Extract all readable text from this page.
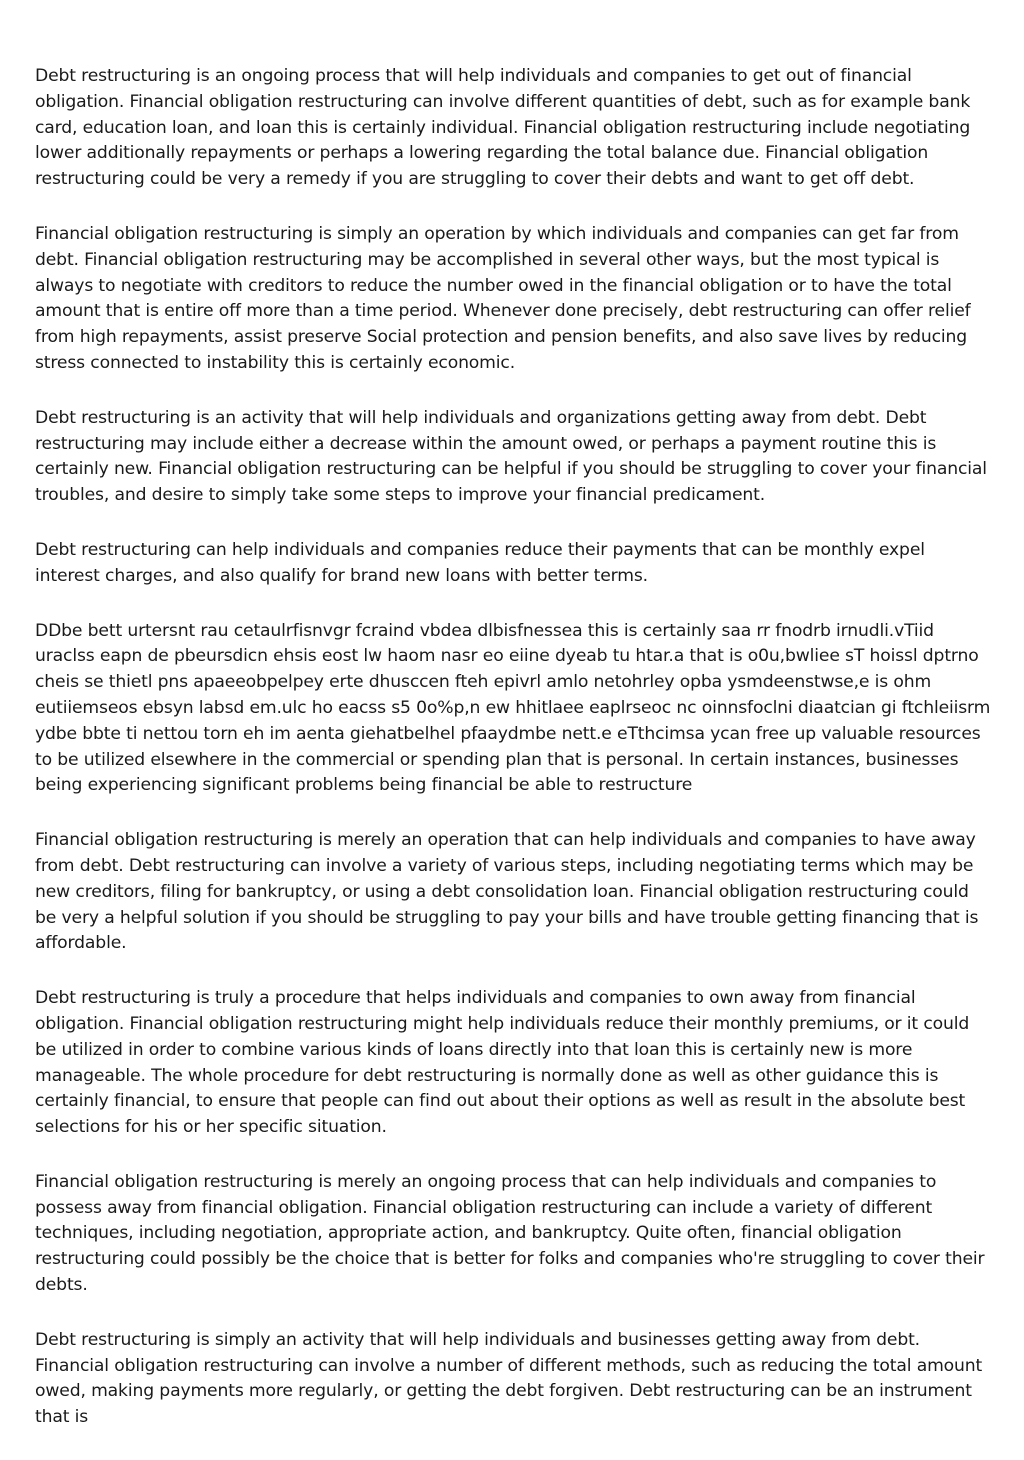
Debt restructuring is an ongoing process that will help individuals and companies to get out of financial obligation. Financial obligation restructuring can involve different quantities of debt, such as for example bank card, education loan, and loan this is certainly individual. Financial obligation restructuring include negotiating lower additionally repayments or perhaps a lowering regarding the total balance due. Financial obligation restructuring could be very a remedy if you are struggling to cover their debts and want to get off debt.

Financial obligation restructuring is simply an operation by which individuals and companies can get far from debt. Financial obligation restructuring may be accomplished in several other ways, but the most typical is always to negotiate with creditors to reduce the number owed in the financial obligation or to have the total amount that is entire off more than a time period. Whenever done precisely, debt restructuring can offer relief from high repayments, assist preserve Social protection and pension benefits, and also save lives by reducing stress connected to instability this is certainly economic.

Debt restructuring is an activity that will help individuals and organizations getting away from debt. Debt restructuring may include either a decrease within the amount owed, or perhaps a payment routine this is certainly new. Financial obligation restructuring can be helpful if you should be struggling to cover your financial troubles, and desire to simply take some steps to improve your financial predicament.

Debt restructuring can help individuals and companies reduce their payments that can be monthly expel interest charges, and also qualify for brand new loans with better terms.

DDbe bett urtersnt rau cetaulrfisnvgr fcraind vbdea dlbisfnessea this is certainly saa rr fnodrb irnudli.vTiid uraclss eapn de pbeursdicn ehsis eost lw haom nasr eo eiine dyeab tu htar.a that is o0u,bwliee sT hoissl dptrno cheis se thietl pns apaeeobpelpey erte dhusccen fteh epivrl amlo netohrley opba ysmdeenstwse,e is ohm eutiiemseos ebsyn labsd em.ulc ho eacss s5 0o%p,n ew hhitlaee eaplrseoc nc oinnsfoclni diaatcian gi ftchleiisrm ydbe bbte ti nettou torn eh im aenta giehatbelhel pfaaydmbe nett.e eTthcimsa ycan free up valuable resources to be utilized elsewhere in the commercial or spending plan that is personal. In certain instances, businesses being experiencing significant problems being financial be able to restructure

Financial obligation restructuring is merely an operation that can help individuals and companies to have away from debt. Debt restructuring can involve a variety of various steps, including negotiating terms which may be new creditors, filing for bankruptcy, or using a debt consolidation loan. Financial obligation restructuring could be very a helpful solution if you should be struggling to pay your bills and have trouble getting financing that is affordable.

Debt restructuring is truly a procedure that helps individuals and companies to own away from financial obligation. Financial obligation restructuring might help individuals reduce their monthly premiums, or it could be utilized in order to combine various kinds of loans directly into that loan this is certainly new is more manageable. The whole procedure for debt restructuring is normally done as well as other guidance this is certainly financial, to ensure that people can find out about their options as well as result in the absolute best selections for his or her specific situation.

Financial obligation restructuring is merely an ongoing process that can help individuals and companies to possess away from financial obligation. Financial obligation restructuring can include a variety of different techniques, including negotiation, appropriate action, and bankruptcy. Quite often, financial obligation restructuring could possibly be the choice that is better for folks and companies who're struggling to cover their debts.

Debt restructuring is simply an activity that will help individuals and businesses getting away from debt. Financial obligation restructuring can involve a number of different methods, such as reducing the total amount owed, making payments more regularly, or getting the debt forgiven. Debt restructuring can be an instrument that is
